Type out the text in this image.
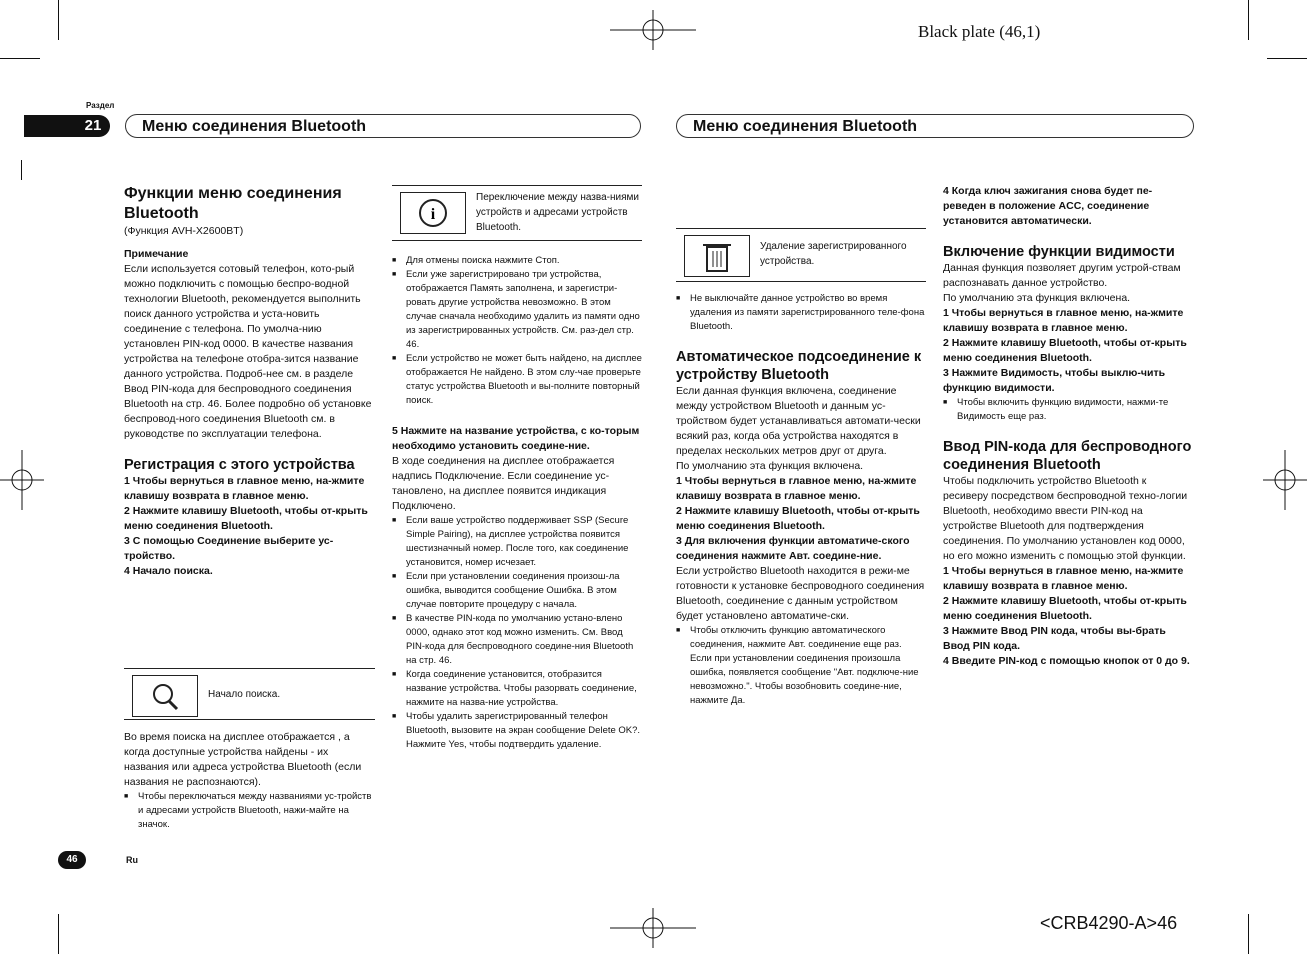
Black plate (46,1)
<CRB4290-A>46
Раздел
21	Меню соединения Bluetooth	Меню соединения Bluetooth

Функции меню соединения Bluetooth

(Функция AVH-X2600BT)

Примечание

Если используется сотовый телефон, кото-рый можно подключить с помощью беспро-водной технологии Bluetooth, рекомендуется выполнить поиск данного устройства и уста-новить соединение с телефона. По умолча-нию установлен PIN-код 0000. В качестве названия устройства на телефоне отобра-зится название данного устройства. Подроб-нее см. в разделе Ввод PIN-кода для беспроводного соединения Bluetooth на стр. 46. Более подробно об установке беспровод-ного соединения Bluetooth см. в руководстве по эксплуатации телефона.

Регистрация с этого устройства

1 Чтобы вернуться в главное меню, на-жмите клавишу возврата в главное меню.

2 Нажмите клавишу Bluetooth, чтобы от-крыть меню соединения Bluetooth.

3 С помощью Соединение выберите ус-тройство.

4 Начало поиска.

Начало поиска.

Во время поиска на дисплее отображается , а когда доступные устройства найдены - их названия или адреса устройства Bluetooth (если названия не распознаются).

■ Чтобы переключаться между названиями ус-тройств и адресами устройств Bluetooth, нажи-майте на значок.

i
Переключение между назва-ниями устройств и адресами устройств Bluetooth.

■ Для отмены поиска нажмите Стоп.

■ Если уже зарегистрировано три устройства, отображается Память заполнена, и зарегистри-ровать другие устройства невозможно. В этом случае сначала необходимо удалить из памяти одно из зарегистрированных устройств. См. раз-дел стр. 46.

■ Если устройство не может быть найдено, на дисплее отображается Не найдено. В этом слу-чае проверьте статус устройства Bluetooth и вы-полните повторный поиск.

5 Нажмите на название устройства, с ко-торым необходимо установить соедине-ние.

В ходе соединения на дисплее отображается надпись Подключение. Если соединение ус-тановлено, на дисплее появится индикация Подключено.

■ Если ваше устройство поддерживает SSP (Secure Simple Pairing), на дисплее устройства появится шестизначный номер. После того, как соединение установится, номер исчезает.

■ Если при установлении соединения произош-ла ошибка, выводится сообщение Ошибка. В этом случае повторите процедуру с начала.

■ В качестве PIN-кода по умолчанию устано-влено 0000, однако этот код можно изменить. См. Ввод PIN-кода для беспроводного соедине-ния Bluetooth на стр. 46.

■ Когда соединение установится, отобразится название устройства. Чтобы разорвать соединение, нажмите на назва-ние устройства.

■ Чтобы удалить зарегистрированный телефон Bluetooth, вызовите на экран сообщение Delete OK?. Нажмите Yes, чтобы подтвердить удаление.

Удаление зарегистрированного устройства.

■ Не выключайте данное устройство во время удаления из памяти зарегистрированного теле-фона Bluetooth.

Автоматическое подсоединение к устройству Bluetooth

Если данная функция включена, соединение между устройством Bluetooth и данным ус-тройством будет устанавливаться автомати-чески всякий раз, когда оба устройства находятся в пределах нескольких метров друг от друга.

По умолчанию эта функция включена.

1 Чтобы вернуться в главное меню, на-жмите клавишу возврата в главное меню.

2 Нажмите клавишу Bluetooth, чтобы от-крыть меню соединения Bluetooth.

3 Для включения функции автоматиче-ского соединения нажмите Авт. соедине-ние.

Если устройство Bluetooth находится в режи-ме готовности к установке беспроводного соединения Bluetooth, соединение с данным устройством будет установлено автоматиче-ски.

■ Чтобы отключить функцию автоматического соединения, нажмите Авт. соединение еще раз. Если при установлении соединения произошла ошибка, появляется сообщение "Авт. подключе-ние невозможно.". Чтобы возобновить соедине-ние, нажмите Да.

4 Когда ключ зажигания снова будет пе-реведен в положение ACC, соединение установится автоматически.

Включение функции видимости

Данная функция позволяет другим устрой-ствам распознавать данное устройство.

По умолчанию эта функция включена.

1 Чтобы вернуться в главное меню, на-жмите клавишу возврата в главное меню.

2 Нажмите клавишу Bluetooth, чтобы от-крыть меню соединения Bluetooth.

3 Нажмите Видимость, чтобы выклю-чить функцию видимости.

■ Чтобы включить функцию видимости, нажми-те Видимость еще раз.

Ввод PIN-кода для беспроводного соединения Bluetooth

Чтобы подключить устройство Bluetooth к ресиверу посредством беспроводной техно-логии Bluetooth, необходимо ввести PIN-код на устройстве Bluetooth для подтверждения соединения. По умолчанию установлен код 0000, но его можно изменить с помощью этой функции.

1 Чтобы вернуться в главное меню, на-жмите клавишу возврата в главное меню.

2 Нажмите клавишу Bluetooth, чтобы от-крыть меню соединения Bluetooth.

3 Нажмите Ввод PIN кода, чтобы вы-брать Ввод PIN кода.

4 Введите PIN-код с помощью кнопок от 0 до 9.

46	Ru
